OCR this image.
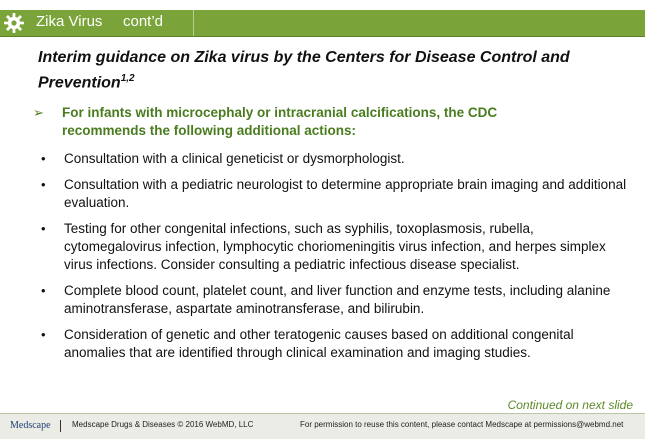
Zika Virus cont’d
Interim guidance on Zika virus by the Centers for Disease Control and Prevention$^{1,2}$
➢ For infants with microcephaly or intracranial calcifications, the CDC recommends the following additional actions:
• Consultation with a clinical geneticist or dysmorphologist.
• Consultation with a pediatric neurologist to determine appropriate brain imaging and additional evaluation.
• Testing for other congenital infections, such as syphilis, toxoplasmosis, rubella, cytomegalovirus infection, lymphocytic choriomeningitis virus infection, and herpes simplex virus infections. Consider consulting a pediatric infectious disease specialist.
• Complete blood count, platelet count, and liver function and enzyme tests, including alanine aminotransferase, aspartate aminotransferase, and bilirubin.
• Consideration of genetic and other teratogenic causes based on additional congenital anomalies that are identified through clinical examination and imaging studies.
Continued on next slide
Medscape	Medscape Drugs & Diseases © 2016 WebMD, LLC	For permission to reuse this content, please contact Medscape at permissions@webmd.net
